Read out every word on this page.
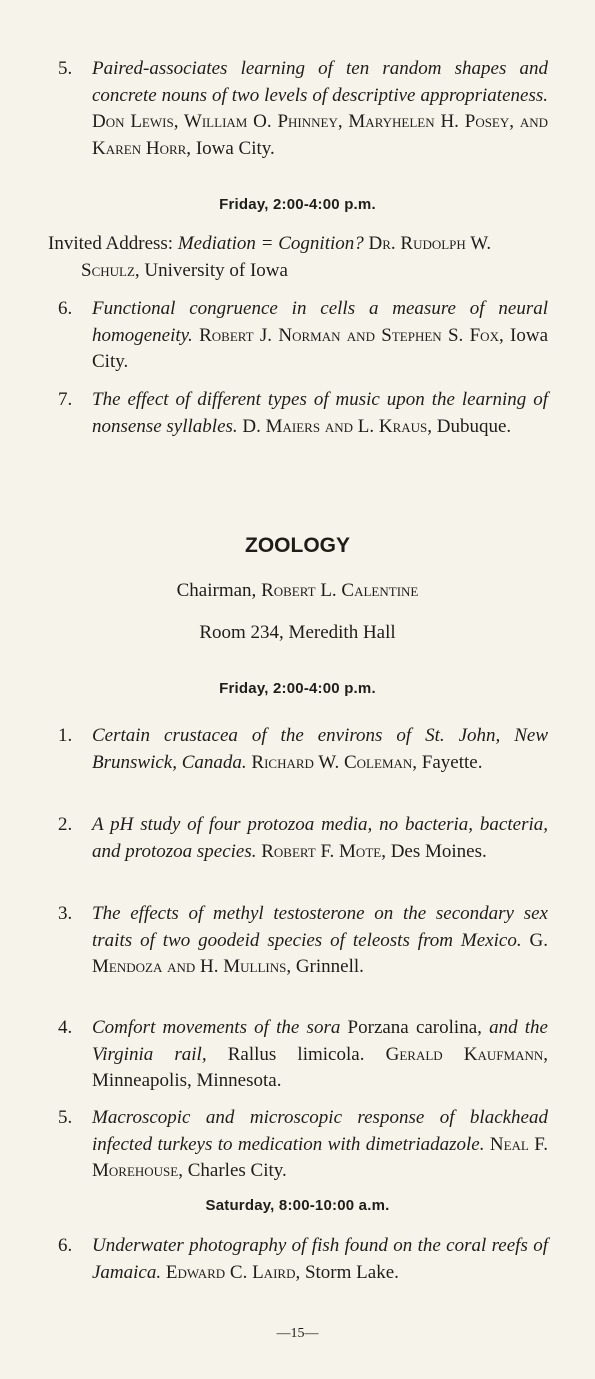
5. Paired-associates learning of ten random shapes and concrete nouns of two levels of descriptive appropriateness. Don Lewis, William O. Phinney, Maryhelen H. Posey, and Karen Horr, Iowa City.
Friday, 2:00-4:00 p.m.
Invited Address: Mediation = Cognition? Dr. Rudolph W. Schulz, University of Iowa
6. Functional congruence in cells a measure of neural homogeneity. Robert J. Norman and Stephen S. Fox, Iowa City.
7. The effect of different types of music upon the learning of nonsense syllables. D. Maiers and L. Kraus, Dubuque.
ZOOLOGY
Chairman, Robert L. Calentine
Room 234, Meredith Hall
Friday, 2:00-4:00 p.m.
1. Certain crustacea of the environs of St. John, New Brunswick, Canada. Richard W. Coleman, Fayette.
2. A pH study of four protozoa media, no bacteria, bacteria, and protozoa species. Robert F. Mote, Des Moines.
3. The effects of methyl testosterone on the secondary sex traits of two goodeid species of teleosts from Mexico. G. Mendoza and H. Mullins, Grinnell.
4. Comfort movements of the sora Porzana carolina, and the Virginia rail, Rallus limicola. Gerald Kaufmann, Minneapolis, Minnesota.
5. Macroscopic and microscopic response of blackhead infected turkeys to medication with dimetriadazole. Neal F. Morehouse, Charles City.
Saturday, 8:00-10:00 a.m.
6. Underwater photography of fish found on the coral reefs of Jamaica. Edward C. Laird, Storm Lake.
—15—
